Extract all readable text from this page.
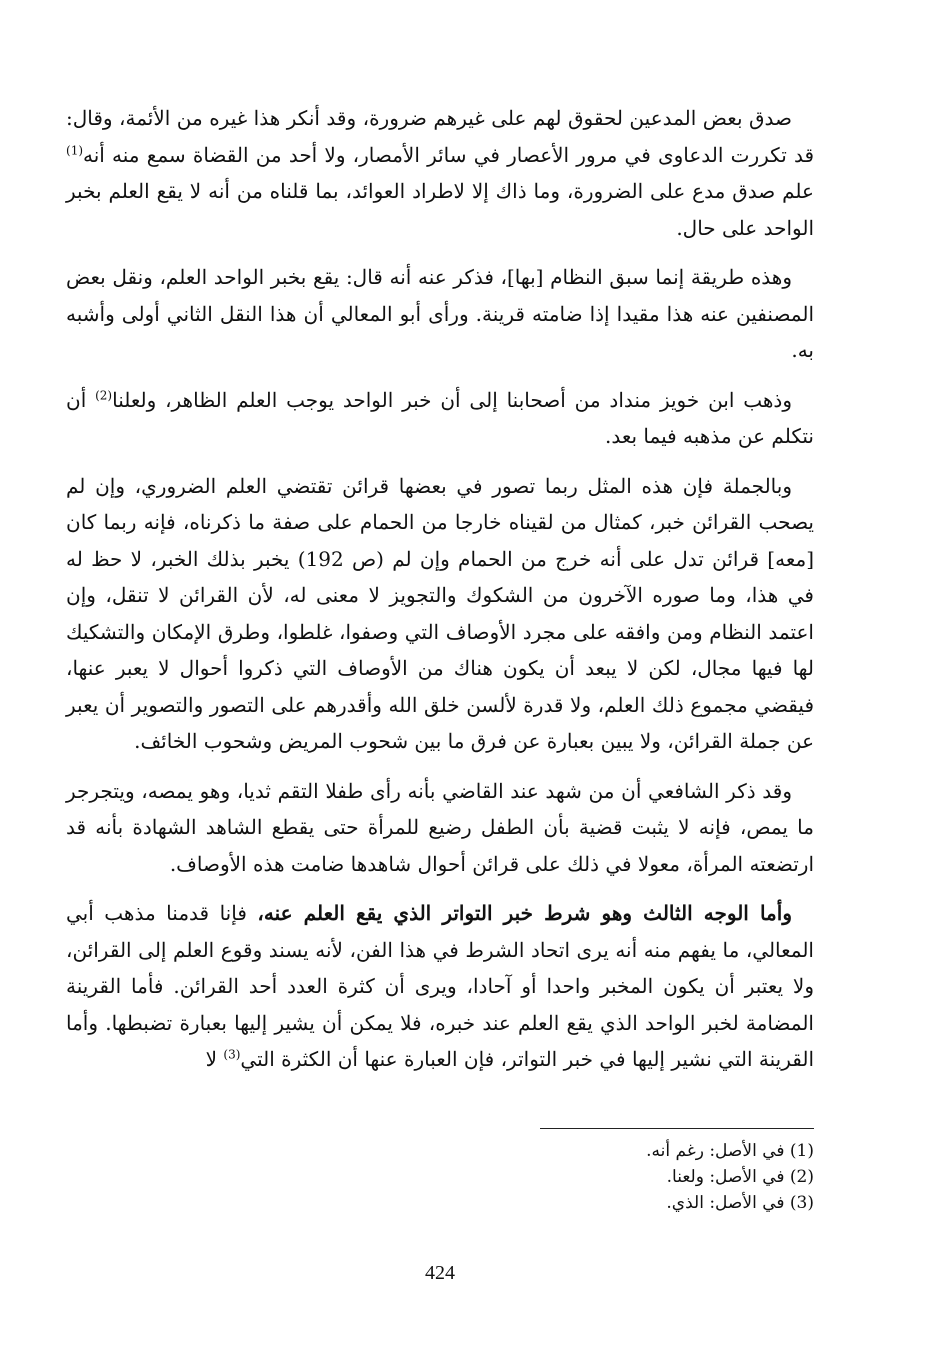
صدق بعض المدعين لحقوق لهم على غيرهم ضرورة، وقد أنكر هذا غيره من الأئمة، وقال: قد تكررت الدعاوى في مرور الأعصار في سائر الأمصار، ولا أحد من القضاة سمع منه أنه$^{(1)}$ علم صدق مدع على الضرورة، وما ذاك إلا لاطراد العوائد، بما قلناه من أنه لا يقع العلم بخبر الواحد على حال.

وهذه طريقة إنما سبق النظام [بها]، فذكر عنه أنه قال: يقع بخبر الواحد العلم، ونقل بعض المصنفين عنه هذا مقيدا إذا ضامته قرينة. ورأى أبو المعالي أن هذا النقل الثاني أولى وأشبه به.

وذهب ابن خويز منداد من أصحابنا إلى أن خبر الواحد يوجب العلم الظاهر، ولعلنا$^{(2)}$ أن نتكلم عن مذهبه فيما بعد.

وبالجملة فإن هذه المثل ربما تصور في بعضها قرائن تقتضي العلم الضروري، وإن لم يصحب القرائن خبر، كمثال من لقيناه خارجا من الحمام على صفة ما ذكرناه، فإنه ربما كان [معه] قرائن تدل على أنه خرج من الحمام وإن لم (ص 192) يخبر بذلك الخبر، لا حظ له في هذا، وما صوره الآخرون من الشكوك والتجويز لا معنى له، لأن القرائن لا تنقل، وإن اعتمد النظام ومن وافقه على مجرد الأوصاف التي وصفوا، غلطوا، وطرق الإمكان والتشكيك لها فيها مجال، لكن لا يبعد أن يكون هناك من الأوصاف التي ذكروا أحوال لا يعبر عنها، فيقضي مجموع ذلك العلم، ولا قدرة لألسن خلق الله وأقدرهم على التصور والتصوير أن يعبر عن جملة القرائن، ولا يبين بعبارة عن فرق ما بين شحوب المريض وشحوب الخائف.

وقد ذكر الشافعي أن من شهد عند القاضي بأنه رأى طفلا التقم ثديا، وهو يمصه، ويتجرجر ما يمص، فإنه لا يثبت قضية بأن الطفل رضيع للمرأة حتى يقطع الشاهد الشهادة بأنه قد ارتضعته المرأة، معولا في ذلك على قرائن أحوال شاهدها ضامت هذه الأوصاف.

وأما الوجه الثالث وهو شرط خبر التواتر الذي يقع العلم عنه، فإنا قدمنا مذهب أبي المعالي، ما يفهم منه أنه يرى اتحاد الشرط في هذا الفن، لأنه يسند وقوع العلم إلى القرائن، ولا يعتبر أن يكون المخبر واحدا أو آحادا، ويرى أن كثرة العدد أحد القرائن. فأما القرينة المضامة لخبر الواحد الذي يقع العلم عند خبره، فلا يمكن أن يشير إليها بعبارة تضبطها. وأما القرينة التي نشير إليها في خبر التواتر، فإن العبارة عنها أن الكثرة التي$^{(3)}$ لا

(1) في الأصل: رغم أنه.

(2) في الأصل: ولعنا.

(3) في الأصل: الذي.

424
